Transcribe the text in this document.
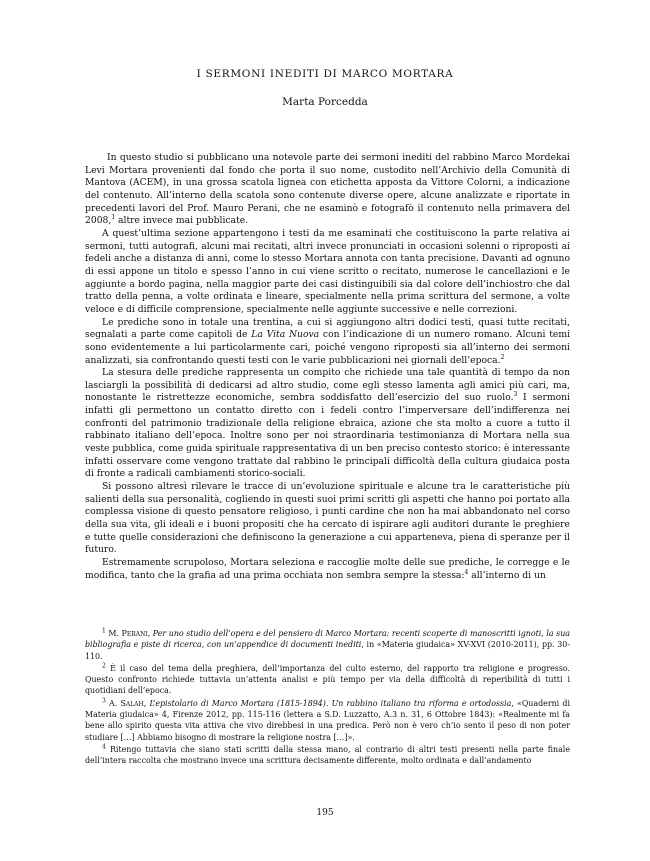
I SERMONI INEDITI DI MARCO MORTARA
Marta Porcedda

In questo studio si pubblicano una notevole parte dei sermoni inediti del rabbino Marco Mordekai Levi Mortara provenienti dal fondo che porta il suo nome, custodito nell’Archivio della Comunità di Mantova (ACEM), in una grossa scatola lignea con etichetta apposta da Vittore Colorni, a indicazione del contenuto. All’interno della scatola sono contenute diverse opere, alcune analizzate e riportate in precedenti lavori del Prof. Mauro Perani, che ne esaminò e fotografò il contenuto nella primavera del 2008,$^1$ altre invece mai pubblicate.

A quest’ultima sezione appartengono i testi da me esaminati che costituiscono la parte relativa ai sermoni, tutti autografi, alcuni mai recitati, altri invece pronunciati in occasioni solenni o riproposti ai fedeli anche a distanza di anni, come lo stesso Mortara annota con tanta precisione. Davanti ad ognuno di essi appone un titolo e spesso l’anno in cui viene scritto o recitato, numerose le cancellazioni e le aggiunte a bordo pagina, nella maggior parte dei casi distinguibili sia dal colore dell’inchiostro che dal tratto della penna, a volte ordinata e lineare, specialmente nella prima scrittura del sermone, a volte veloce e di difficile comprensione, specialmente nelle aggiunte successive e nelle correzioni.

Le prediche sono in totale una trentina, a cui si aggiungono altri dodici testi, quasi tutte recitati, segnalati a parte come capitoli de La Vita Nuova con l’indicazione di un numero romano. Alcuni temi sono evidentemente a lui particolarmente cari, poiché vengono riproposti sia all’interno dei sermoni analizzati, sia confrontando questi testi con le varie pubblicazioni nei giornali dell’epoca.$^2$

La stesura delle prediche rappresenta un compito che richiede una tale quantità di tempo da non lasciargli la possibilità di dedicarsi ad altro studio, come egli stesso lamenta agli amici più cari, ma, nonostante le ristrettezze economiche, sembra soddisfatto dell’esercizio del suo ruolo.$^3$ I sermoni infatti gli permettono un contatto diretto con i fedeli contro l’imperversare dell’indifferenza nei confronti del patrimonio tradizionale della religione ebraica, azione che sta molto a cuore a tutto il rabbinato italiano dell’epoca. Inoltre sono per noi straordinaria testimonianza di Mortara nella sua veste pubblica, come guida spirituale rappresentativa di un ben preciso contesto storico: è interessante infatti osservare come vengono trattate dal rabbino le principali difficoltà della cultura giudaica posta di fronte a radicali cambiamenti storico-sociali.

Si possono altresì rilevare le tracce di un’evoluzione spirituale e alcune tra le caratteristiche più salienti della sua personalità, cogliendo in questi suoi primi scritti gli aspetti che hanno poi portato alla complessa visione di questo pensatore religioso, i punti cardine che non ha mai abbandonato nel corso della sua vita, gli ideali e i buoni propositi che ha cercato di ispirare agli auditori durante le preghiere e tutte quelle considerazioni che definiscono la generazione a cui apparteneva, piena di speranze per il futuro.

Estremamente scrupoloso, Mortara seleziona e raccoglie molte delle sue prediche, le corregge e le modifica, tanto che la grafia ad una prima occhiata non sembra sempre la stessa:$^4$ all’interno di un

$^1$ M. Perani, Per uno studio dell’opera e del pensiero di Marco Mortara: recenti scoperte di manoscritti ignoti, la sua bibliografia e piste di ricerca, con un’appendice di documenti inediti, in «Materia giudaica» XV-XVI (2010-2011), pp. 30-110.

$^2$ È il caso del tema della preghiera, dell’importanza del culto esterno, del rapporto tra religione e progresso. Questo confronto richiede tuttavia un’attenta analisi e più tempo per via della difficoltà di reperibilità di tutti i quotidiani dell’epoca.

$^3$ A. Salah, L’epistolario di Marco Mortara (1815-1894). Un rabbino italiano tra riforma e ortodossia, «Quaderni di Materia giudaica» 4, Firenze 2012, pp. 115-116 (lettera a S.D. Luzzatto, A.3 n. 31, 6 Ottobre 1843): «Realmente mi fa bene allo spirito questa vita attiva che vivo direbbesi in una predica. Però non è vero ch’io sento il peso di non poter studiare […] Abbiamo bisogno di mostrare la religione nostra […]».

$^4$ Ritengo tuttavia che siano stati scritti dalla stessa mano, al contrario di altri testi presenti nella parte finale dell’intera raccolta che mostrano invece una scrittura decisamente differente, molto ordinata e dall’andamento

195
